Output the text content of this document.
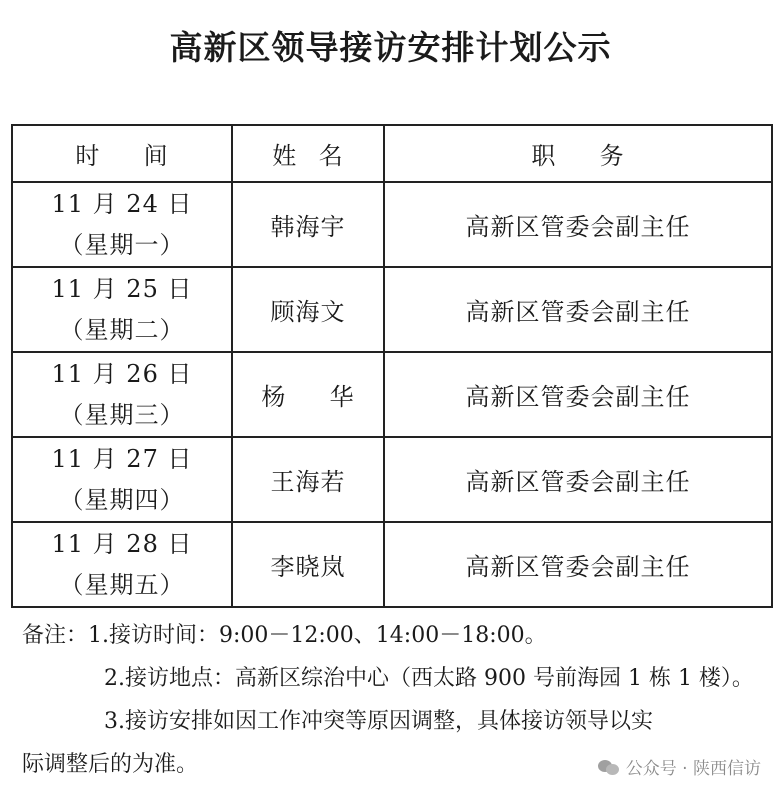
高新区领导接访安排计划公示
时 间	姓 名	职 务

11 月 24 日
（星期一）	韩海宇	高新区管委会副主任

11 月 25 日
（星期二）	顾海文	高新区管委会副主任

11 月 26 日
（星期三）	杨 华	高新区管委会副主任

11 月 27 日
（星期四）	王海若	高新区管委会副主任

11 月 28 日
（星期五）	李晓岚	高新区管委会副主任
备注：1.接访时间：9:00－12:00、14:00－18:00。
2.接访地点：高新区综治中心（西太路 900 号前海园 1 栋 1 楼）。
3.接访安排如因工作冲突等原因调整，具体接访领导以实
际调整后的为准。	公众号 · 陕西信访
